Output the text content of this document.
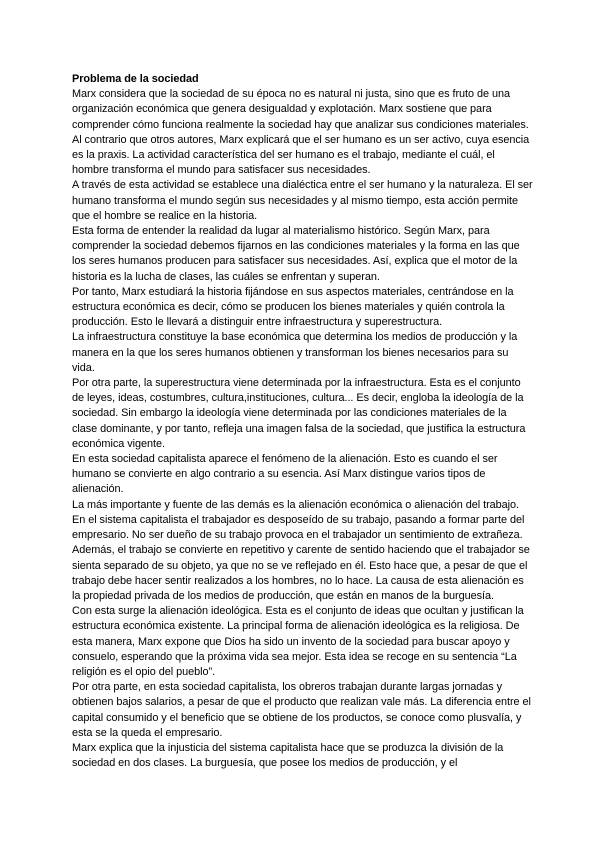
Problema de la sociedad

Marx considera que la sociedad de su época no es natural ni justa, sino que es fruto de una organización económica que genera desigualdad y explotación. Marx sostiene que para comprender cómo funciona realmente la sociedad hay que analizar sus condiciones materiales.

Al contrario que otros autores, Marx explicará que el ser humano es un ser activo, cuya esencia es la praxis. La actividad característica del ser humano es el trabajo, mediante el cuál, el hombre transforma el mundo para satisfacer sus necesidades.

A través de esta actividad se establece una dialéctica entre el ser humano y la naturaleza. El ser humano transforma el mundo según sus necesidades y al mismo tiempo, esta acción permite que el hombre se realice en la historia.

Esta forma de entender la realidad da lugar al materialismo histórico. Según Marx, para comprender la sociedad debemos fijarnos en las condiciones materiales y la forma en las que los seres humanos producen para satisfacer sus necesidades. Así, explica que el motor de la historia es la lucha de clases, las cuáles se enfrentan y superan.

Por tanto, Marx estudiará la historia fijándose en sus aspectos materiales, centrándose en la estructura económica es decir, cómo se producen los bienes materiales y quién controla la producción. Esto le llevará a distinguir entre infraestructura y superestructura.

La infraestructura constituye la base económica que determina los medios de producción y la manera en la que los seres humanos obtienen y transforman los bienes necesarios para su vida.

Por otra parte, la superestructura viene determinada por la infraestructura. Esta es el conjunto de leyes, ideas, costumbres, cultura,instituciones, cultura... Es decir, engloba la ideología de la sociedad. Sin embargo la ideología viene determinada por las condiciones materiales de la clase dominante, y por tanto, refleja una imagen falsa de la sociedad, que justifica la estructura económica vigente.

En esta sociedad capitalista aparece el fenómeno de la alienación. Esto es cuando el ser humano se convierte en algo contrario a su esencia. Así Marx distingue varios tipos de alienación.

La más importante y fuente de las demás es la alienación económica o alienación del trabajo. En el sistema capitalista el trabajador es desposeído de su trabajo, pasando a formar parte del empresario. No ser dueño de su trabajo provoca en el trabajador un sentimiento de extrañeza. Además, el trabajo se convierte en repetitivo y carente de sentido haciendo que el trabajador se sienta separado de su objeto, ya que no se ve reflejado en él. Esto hace que, a pesar de que el trabajo debe hacer sentir realizados a los hombres, no lo hace. La causa de esta alienación es la propiedad privada de los medios de producción, que están en manos de la burguesía.

Con esta surge la alienación ideológica. Esta es el conjunto de ideas que ocultan y justifican la estructura económica existente. La principal forma de alienación ideológica es la religiosa. De esta manera, Marx expone que Dios ha sido un invento de la sociedad para buscar apoyo y consuelo, esperando que la próxima vida sea mejor. Esta idea se recoge en su sentencia “La religión es el opio del pueblo”.

Por otra parte, en esta sociedad capitalista, los obreros trabajan durante largas jornadas y obtienen bajos salarios, a pesar de que el producto que realizan vale más. La diferencia entre el capital consumido y el beneficio que se obtiene de los productos, se conoce como plusvalía, y esta se la queda el empresario.

Marx explica que la injusticia del sistema capitalista hace que se produzca la división de la sociedad en dos clases. La burguesía, que posee los medios de producción, y el
